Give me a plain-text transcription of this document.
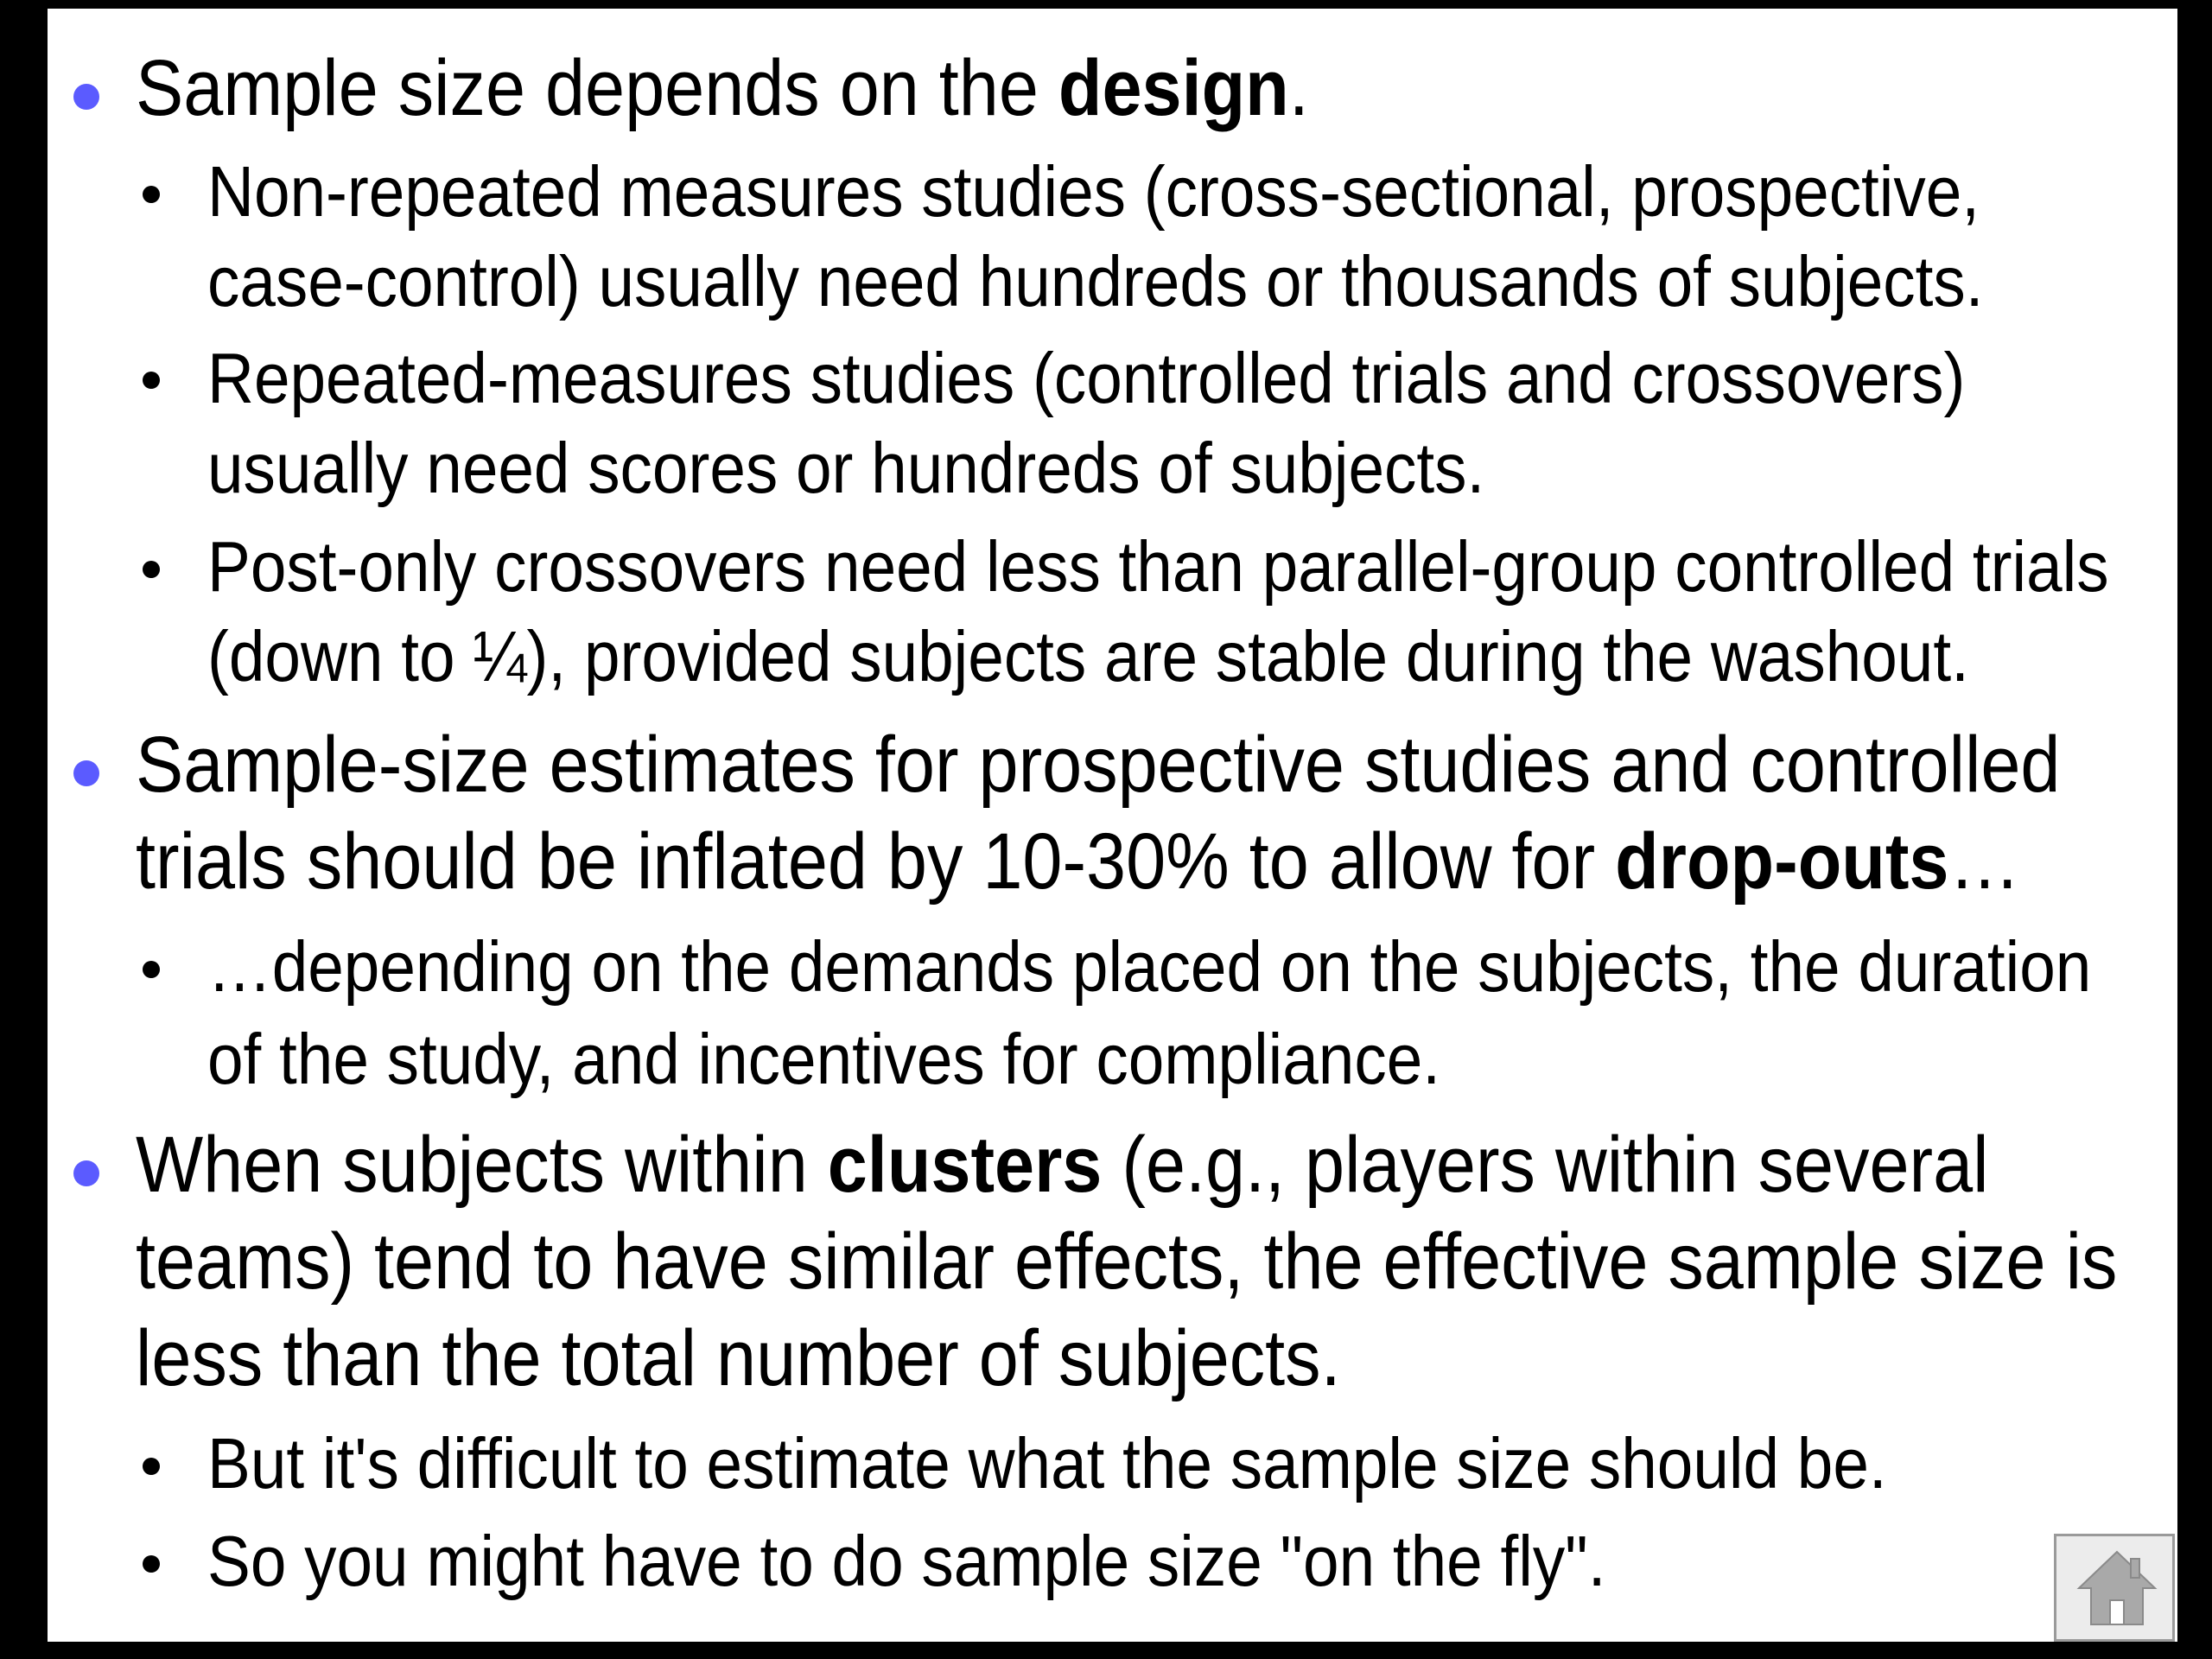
Sample size depends on the design.
Non-repeated measures studies (cross-sectional, prospective,
case-control) usually need hundreds or thousands of subjects.
Repeated-measures studies (controlled trials and crossovers)
usually need scores or hundreds of subjects.
Post-only crossovers need less than parallel-group controlled trials
(down to ¼), provided subjects are stable during the washout.
Sample-size estimates for prospective studies and controlled
trials should be inflated by 10-30% to allow for drop-outs…
…depending on the demands placed on the subjects, the duration
of the study, and incentives for compliance.
When subjects within clusters (e.g., players within several
teams) tend to have similar effects, the effective sample size is
less than the total number of subjects.
But it's difficult to estimate what the sample size should be.
So you might have to do sample size "on the fly".
